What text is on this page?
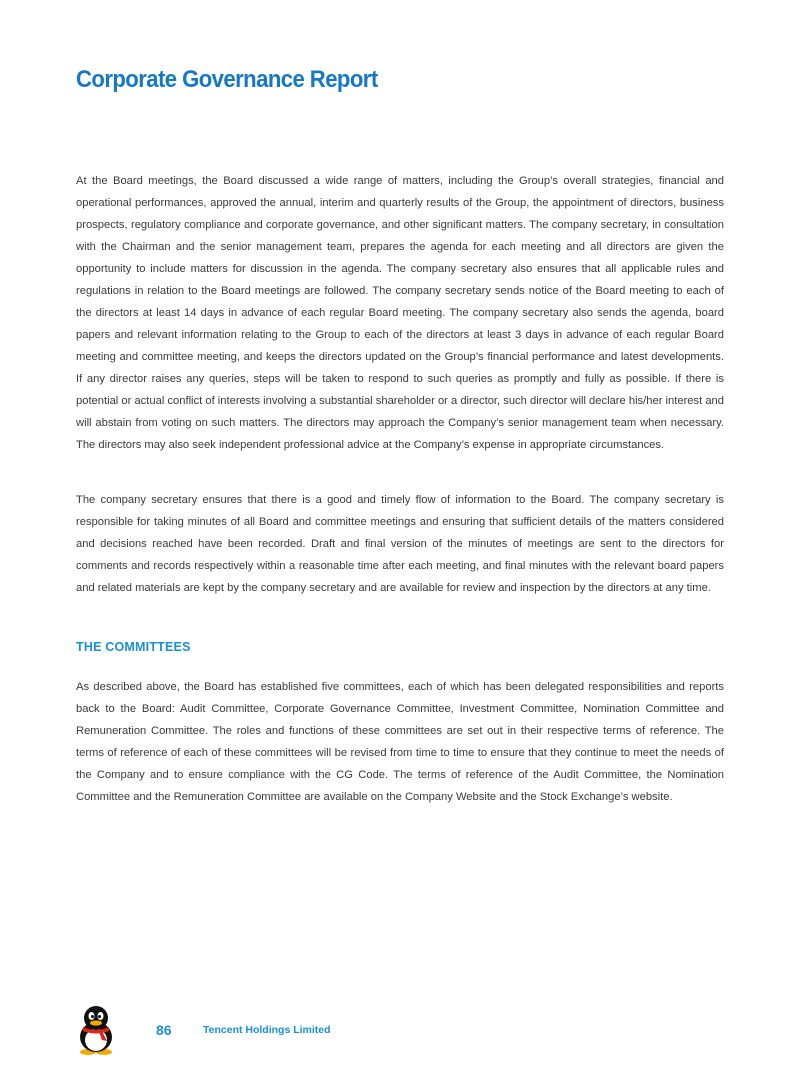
Corporate Governance Report

At the Board meetings, the Board discussed a wide range of matters, including the Group’s overall strategies, financial and operational performances, approved the annual, interim and quarterly results of the Group, the appointment of directors, business prospects, regulatory compliance and corporate governance, and other significant matters. The company secretary, in consultation with the Chairman and the senior management team, prepares the agenda for each meeting and all directors are given the opportunity to include matters for discussion in the agenda. The company secretary also ensures that all applicable rules and regulations in relation to the Board meetings are followed. The company secretary sends notice of the Board meeting to each of the directors at least 14 days in advance of each regular Board meeting. The company secretary also sends the agenda, board papers and relevant information relating to the Group to each of the directors at least 3 days in advance of each regular Board meeting and committee meeting, and keeps the directors updated on the Group’s financial performance and latest developments. If any director raises any queries, steps will be taken to respond to such queries as promptly and fully as possible. If there is potential or actual conflict of interests involving a substantial shareholder or a director, such director will declare his/her interest and will abstain from voting on such matters. The directors may approach the Company’s senior management team when necessary. The directors may also seek independent professional advice at the Company’s expense in appropriate circumstances.

The company secretary ensures that there is a good and timely flow of information to the Board. The company secretary is responsible for taking minutes of all Board and committee meetings and ensuring that sufficient details of the matters considered and decisions reached have been recorded. Draft and final version of the minutes of meetings are sent to the directors for comments and records respectively within a reasonable time after each meeting, and final minutes with the relevant board papers and related materials are kept by the company secretary and are available for review and inspection by the directors at any time.

THE COMMITTEES

As described above, the Board has established five committees, each of which has been delegated responsibilities and reports back to the Board: Audit Committee, Corporate Governance Committee, Investment Committee, Nomination Committee and Remuneration Committee. The roles and functions of these committees are set out in their respective terms of reference. The terms of reference of each of these committees will be revised from time to time to ensure that they continue to meet the needs of the Company and to ensure compliance with the CG Code. The terms of reference of the Audit Committee, the Nomination Committee and the Remuneration Committee are available on the Company Website and the Stock Exchange’s website.

86	Tencent Holdings Limited
